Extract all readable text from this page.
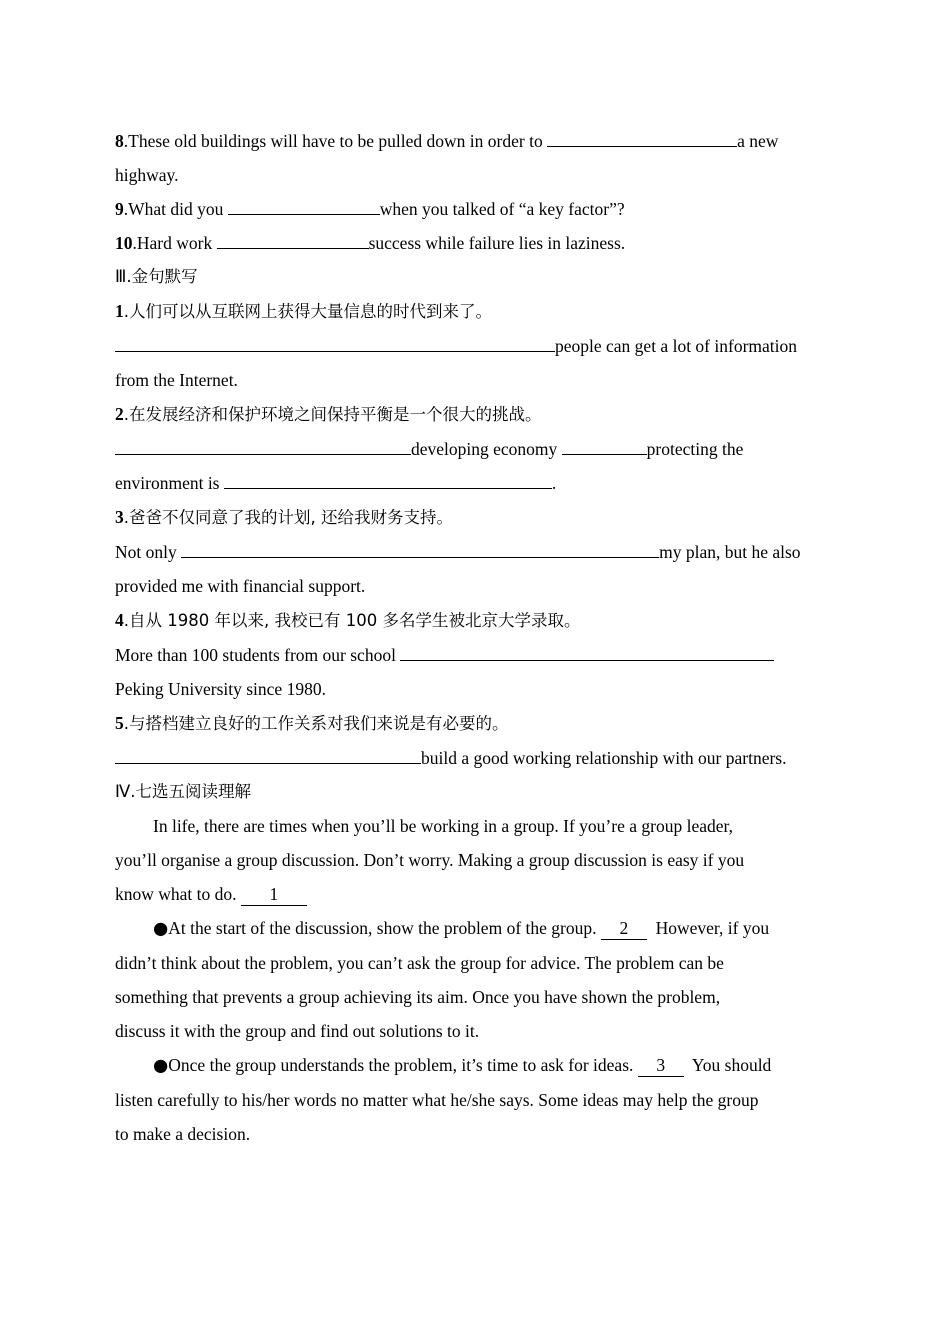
8.These old buildings will have to be pulled down in order to	a new
highway.
9.What did you	when you talked of “a key factor”?
10.Hard work	success while failure lies in laziness.
Ⅲ.金句默写
1.人们可以从互联网上获得大量信息的时代到来了。
people can get a lot of information
from the Internet.
2.在发展经济和保护环境之间保持平衡是一个很大的挑战。
developing economy	protecting the
environment is	.
3.爸爸不仅同意了我的计划, 还给我财务支持。
Not only	my plan, but he also
provided me with financial support.
4.自从 1980 年以来, 我校已有 100 多名学生被北京大学录取。
More than 100 students from our school
Peking University since 1980.
5.与搭档建立良好的工作关系对我们来说是有必要的。
build a good working relationship with our partners.
Ⅳ.七选五阅读理解
In life, there are times when you’ll be working in a group. If you’re a group leader,
you’ll organise a group discussion. Don’t worry. Making a group discussion is easy if you
know what to do. 1
●At the start of the discussion, show the problem of the group. 2  However, if you
didn’t think about the problem, you can’t ask the group for advice. The problem can be
something that prevents a group achieving its aim. Once you have shown the problem,
discuss it with the group and find out solutions to it.
●Once the group understands the problem, it’s time to ask for ideas. 3  You should
listen carefully to his/her words no matter what he/she says. Some ideas may help the group
to make a decision.
